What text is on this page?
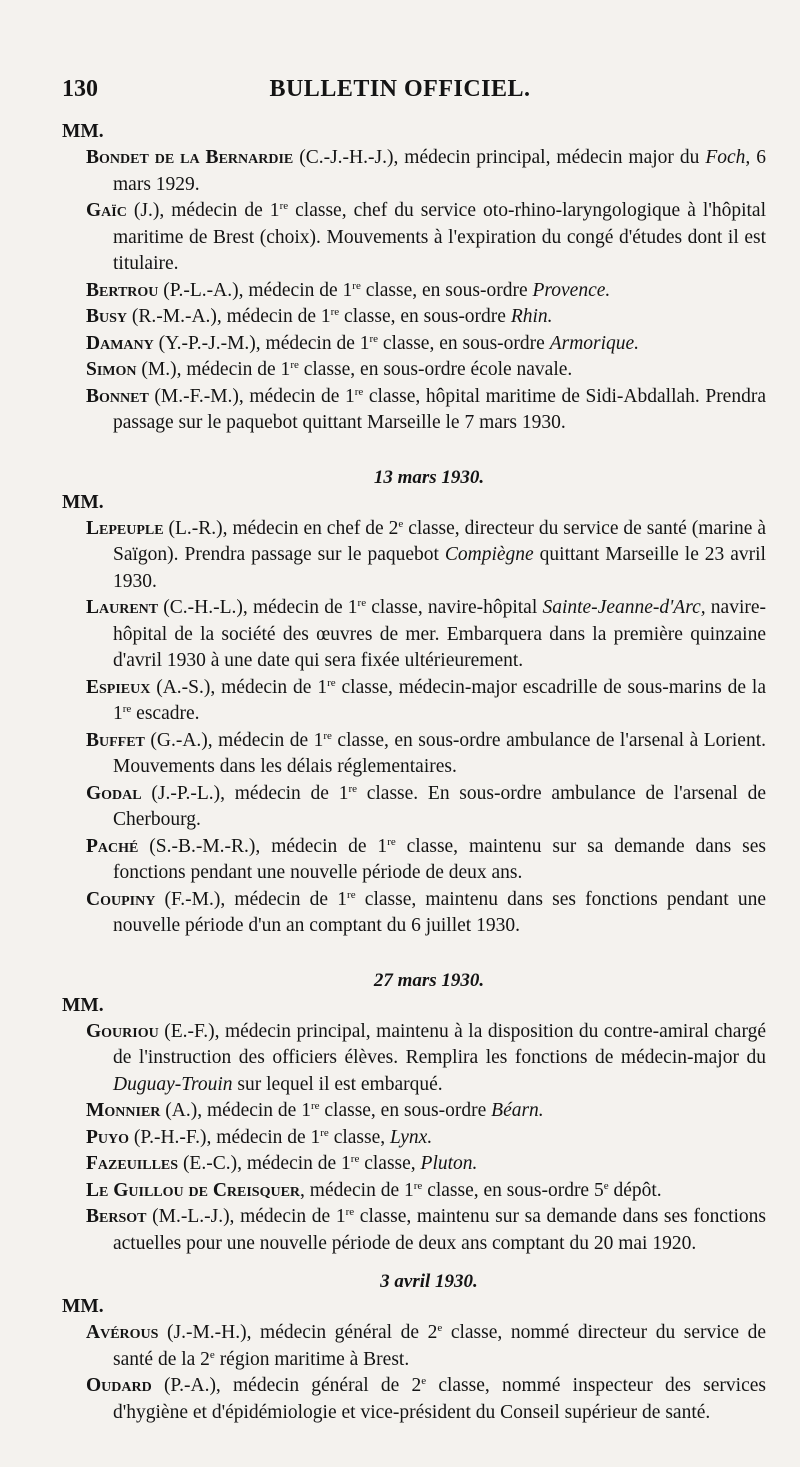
130	BULLETIN OFFICIEL.

MM.

Bondet de la Bernardie (C.-J.-H.-J.), médecin principal, médecin major du Foch, 6 mars 1929.

Gaïc (J.), médecin de 1re classe, chef du service oto-rhino-laryngologique à l'hôpital maritime de Brest (choix). Mouvements à l'expiration du congé d'études dont il est titulaire.

Bertrou (P.-L.-A.), médecin de 1re classe, en sous-ordre Provence.

Busy (R.-M.-A.), médecin de 1re classe, en sous-ordre Rhin.

Damany (Y.-P.-J.-M.), médecin de 1re classe, en sous-ordre Armorique.

Simon (M.), médecin de 1re classe, en sous-ordre école navale.

Bonnet (M.-F.-M.), médecin de 1re classe, hôpital maritime de Sidi-Abdallah. Prendra passage sur le paquebot quittant Marseille le 7 mars 1930.

13 mars 1930.

MM.

Lepeuple (L.-R.), médecin en chef de 2e classe, directeur du service de santé (marine à Saïgon). Prendra passage sur le paquebot Compiègne quittant Marseille le 23 avril 1930.

Laurent (C.-H.-L.), médecin de 1re classe, navire-hôpital Sainte-Jeanne-d'Arc, navire-hôpital de la société des œuvres de mer. Embarquera dans la première quinzaine d'avril 1930 à une date qui sera fixée ultérieurement.

Espieux (A.-S.), médecin de 1re classe, médecin-major escadrille de sous-marins de la 1re escadre.

Buffet (G.-A.), médecin de 1re classe, en sous-ordre ambulance de l'arsenal à Lorient. Mouvements dans les délais réglementaires.

Godal (J.-P.-L.), médecin de 1re classe. En sous-ordre ambulance de l'arsenal de Cherbourg.

Paché (S.-B.-M.-R.), médecin de 1re classe, maintenu sur sa demande dans ses fonctions pendant une nouvelle période de deux ans.

Coupiny (F.-M.), médecin de 1re classe, maintenu dans ses fonctions pendant une nouvelle période d'un an comptant du 6 juillet 1930.

27 mars 1930.

MM.

Gouriou (E.-F.), médecin principal, maintenu à la disposition du contre-amiral chargé de l'instruction des officiers élèves. Remplira les fonctions de médecin-major du Duguay-Trouin sur lequel il est embarqué.

Monnier (A.), médecin de 1re classe, en sous-ordre Béarn.

Puyo (P.-H.-F.), médecin de 1re classe, Lynx.

Fazeuilles (E.-C.), médecin de 1re classe, Pluton.

Le Guillou de Creisquer, médecin de 1re classe, en sous-ordre 5e dépôt.

Bersot (M.-L.-J.), médecin de 1re classe, maintenu sur sa demande dans ses fonctions actuelles pour une nouvelle période de deux ans comptant du 20 mai 1920.

3 avril 1930.

MM.

Avérous (J.-M.-H.), médecin général de 2e classe, nommé directeur du service de santé de la 2e région maritime à Brest.

Oudard (P.-A.), médecin général de 2e classe, nommé inspecteur des services d'hygiène et d'épidémiologie et vice-président du Conseil supérieur de santé.
